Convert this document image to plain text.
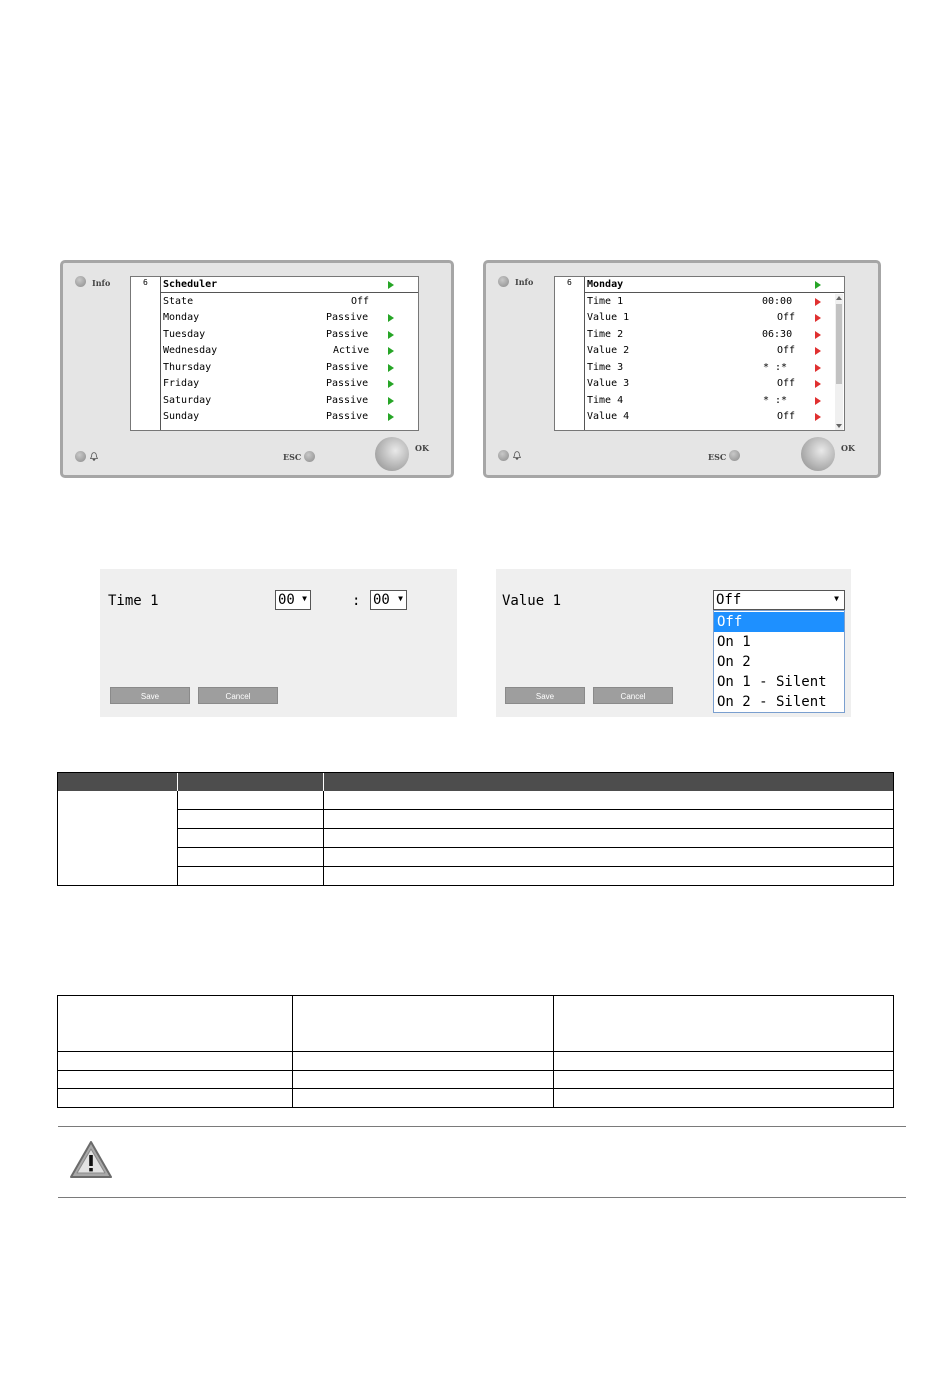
Info	6 Scheduler
State	Off
Monday	Passive
Tuesday	Passive
Wednesday	Active
Thursday	Passive
Friday	Passive
Saturday	Passive
Sunday	Passive
ESC
OK
Info	6 Monday
Time 1	00:00
Value 1	Off
Time 2	06:30
Value 2	Off
Time 3	* :*
Value 3	Off
Time 4	* :*
Value 4	Off
ESC
OK
Time 1	00 ▼	: 00 ▼
Save	Cancel
Value 1	Off	▼
Off
On 1
On 2
On 1 - Silent
On 2 - Silent
Save	Cancel
